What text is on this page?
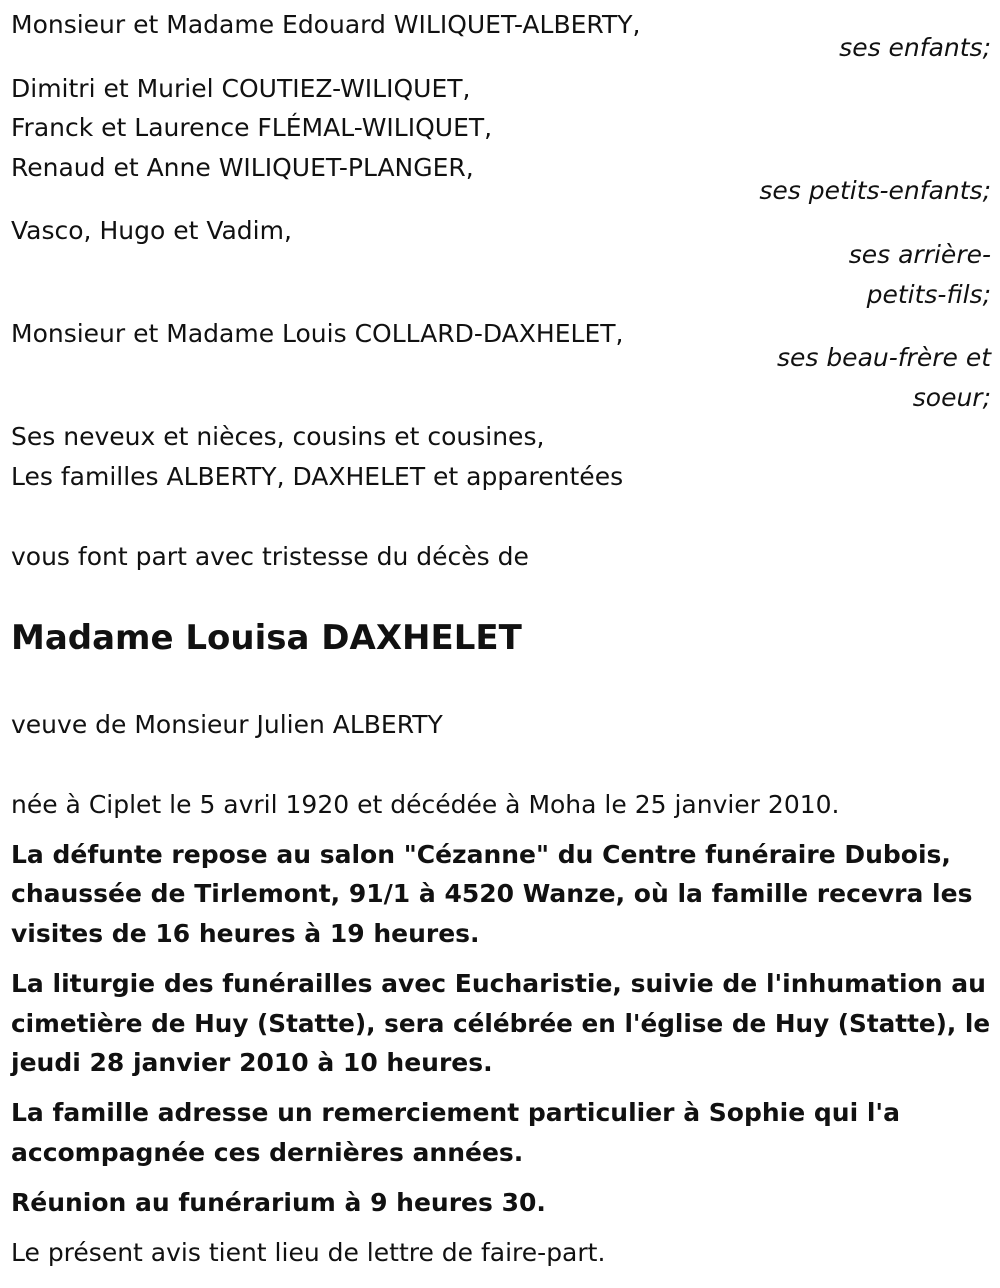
Monsieur et Madame Edouard WILIQUET-ALBERTY,
ses enfants;
Dimitri et Muriel COUTIEZ-WILIQUET,
Franck et Laurence FLÉMAL-WILIQUET,
Renaud et Anne WILIQUET-PLANGER,
ses petits-enfants;
Vasco, Hugo et Vadim,
ses arrière-
petits-fils;
Monsieur et Madame Louis COLLARD-DAXHELET,
ses beau-frère et
soeur;
Ses neveux et nièces, cousins et cousines,
Les familles ALBERTY, DAXHELET et apparentées
vous font part avec tristesse du décès de
Madame Louisa DAXHELET
veuve de Monsieur Julien ALBERTY
née à Ciplet le 5 avril 1920 et décédée à Moha le 25 janvier 2010.
La défunte repose au salon "Cézanne" du Centre funéraire Dubois,
chaussée de Tirlemont, 91/1 à 4520 Wanze, où la famille recevra les
visites de 16 heures à 19 heures.
La liturgie des funérailles avec Eucharistie, suivie de l'inhumation au
cimetière de Huy (Statte), sera célébrée en l'église de Huy (Statte), le
jeudi 28 janvier 2010 à 10 heures.
La famille adresse un remerciement particulier à Sophie qui l'a
accompagnée ces dernières années.
Réunion au funérarium à 9 heures 30.
Le présent avis tient lieu de lettre de faire-part.
